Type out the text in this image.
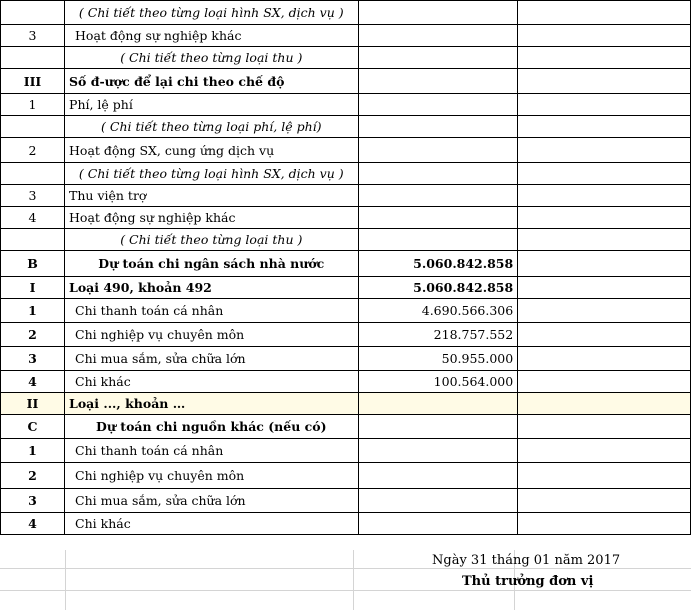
	( Chi tiết theo từng loại hình SX, dịch vụ )		
3	Hoạt động sự nghiệp khác		
	( Chi tiết theo từng loại thu )		
III	Số đ-ược để lại chi theo chế độ		
1	Phí, lệ phí		
	( Chi tiết theo từng loại phí, lệ phí)		
2	Hoạt động SX, cung ứng dịch vụ		
	( Chi tiết theo từng loại hình SX, dịch vụ )		
3	Thu viện trợ		
4	Hoạt động sự nghiệp khác		
	( Chi tiết theo từng loại thu )		
B	Dự toán chi ngân sách nhà nước	5.060.842.858	
I	Loại 490, khoản 492	5.060.842.858	
1	Chi thanh toán cá nhân	4.690.566.306	
2	Chi nghiệp vụ chuyên môn	218.757.552	
3	Chi mua sắm, sửa chữa lớn	50.955.000	
4	Chi khác	100.564.000	
II	Loại ..., khoản …		
C	Dự toán chi nguồn khác (nếu có)		
1	Chi thanh toán cá nhân		
2	Chi nghiệp vụ chuyên môn		
3	Chi mua sắm, sửa chữa lớn		
4	Chi khác		
Ngày 31 tháng 01 năm 2017
Thủ trưởng đơn vị
